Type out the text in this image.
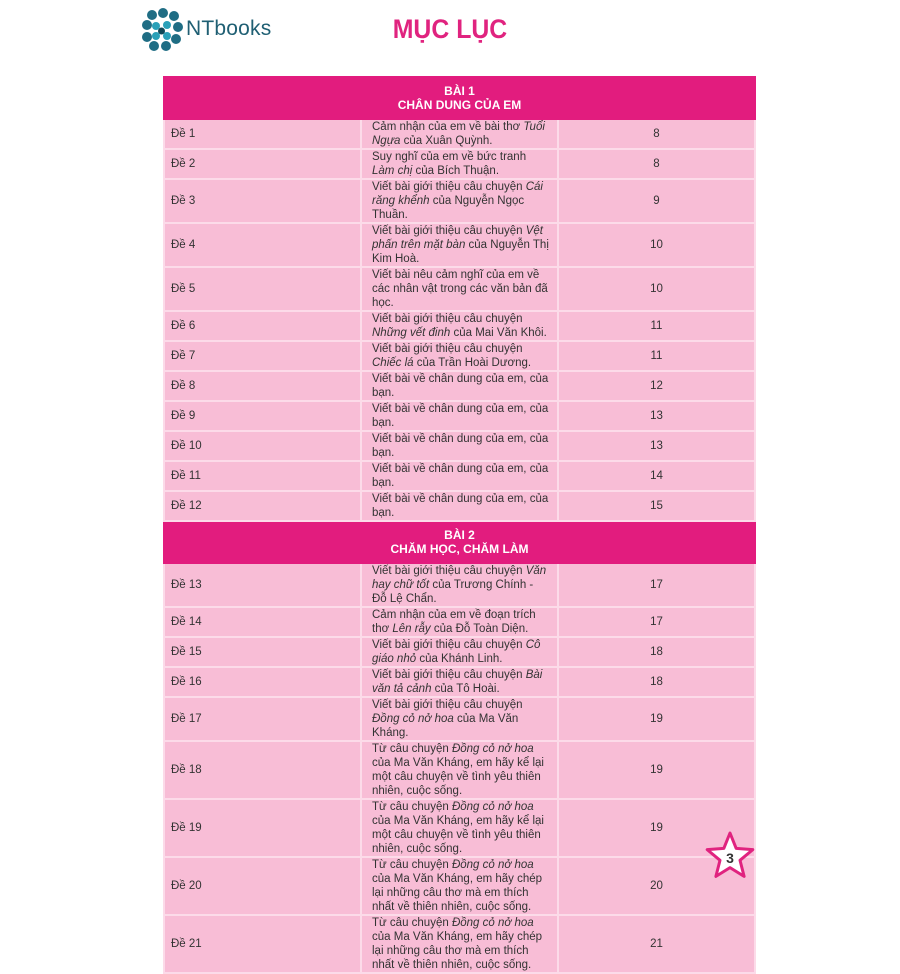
NTbooks	MỤC LỤC
BÀI 1
CHÂN DUNG CỦA EM		

Đề 1	Cảm nhận của em về bài thơ Tuổi Ngựa của Xuân Quỳnh.	8
Đề 2	Suy nghĩ của em về bức tranh Làm chị của Bích Thuận.	8
Đề 3	Viết bài giới thiệu câu chuyện Cái răng khểnh của Nguyễn Ngọc Thuần.	9
Đề 4	Viết bài giới thiệu câu chuyện Vệt phấn trên mặt bàn của Nguyễn Thị Kim Hoà.	10
Đề 5	Viết bài nêu cảm nghĩ của em về các nhân vật trong các văn bản đã học.	10
Đề 6	Viết bài giới thiệu câu chuyện Những vết đinh của Mai Văn Khôi.	11
Đề 7	Viết bài giới thiệu câu chuyện Chiếc lá của Trần Hoài Dương.	11
Đề 8	Viết bài về chân dung của em, của bạn.	12
Đề 9	Viết bài về chân dung của em, của bạn.	13
Đề 10	Viết bài về chân dung của em, của bạn.	13
Đề 11	Viết bài về chân dung của em, của bạn.	14
Đề 12	Viết bài về chân dung của em, của bạn.	15

BÀI 2
CHĂM HỌC, CHĂM LÀM		

Đề 13	Viết bài giới thiệu câu chuyện Văn hay chữ tốt của Trương Chính - Đỗ Lệ Chẩn.	17
Đề 14	Cảm nhận của em về đoạn trích thơ Lên rẫy của Đỗ Toàn Diện.	17
Đề 15	Viết bài giới thiệu câu chuyện Cô giáo nhỏ của Khánh Linh.	18
Đề 16	Viết bài giới thiệu câu chuyện Bài văn tả cảnh của Tô Hoài.	18
Đề 17	Viết bài giới thiệu câu chuyện Đồng cỏ nở hoa của Ma Văn Kháng.	19
Đề 18	Từ câu chuyện Đồng cỏ nở hoa của Ma Văn Kháng, em hãy kể lại một câu chuyện về tình yêu thiên nhiên, cuộc sống.	19
Đề 19	Từ câu chuyện Đồng cỏ nở hoa của Ma Văn Kháng, em hãy kể lại một câu chuyện về tình yêu thiên nhiên, cuộc sống.	19
Đề 20	Từ câu chuyện Đồng cỏ nở hoa của Ma Văn Kháng, em hãy chép lại những câu thơ mà em thích nhất về thiên nhiên, cuộc sống.	20
Đề 21	Từ câu chuyện Đồng cỏ nở hoa của Ma Văn Kháng, em hãy chép lại những câu thơ mà em thích nhất về thiên nhiên, cuộc sống.	21
3
